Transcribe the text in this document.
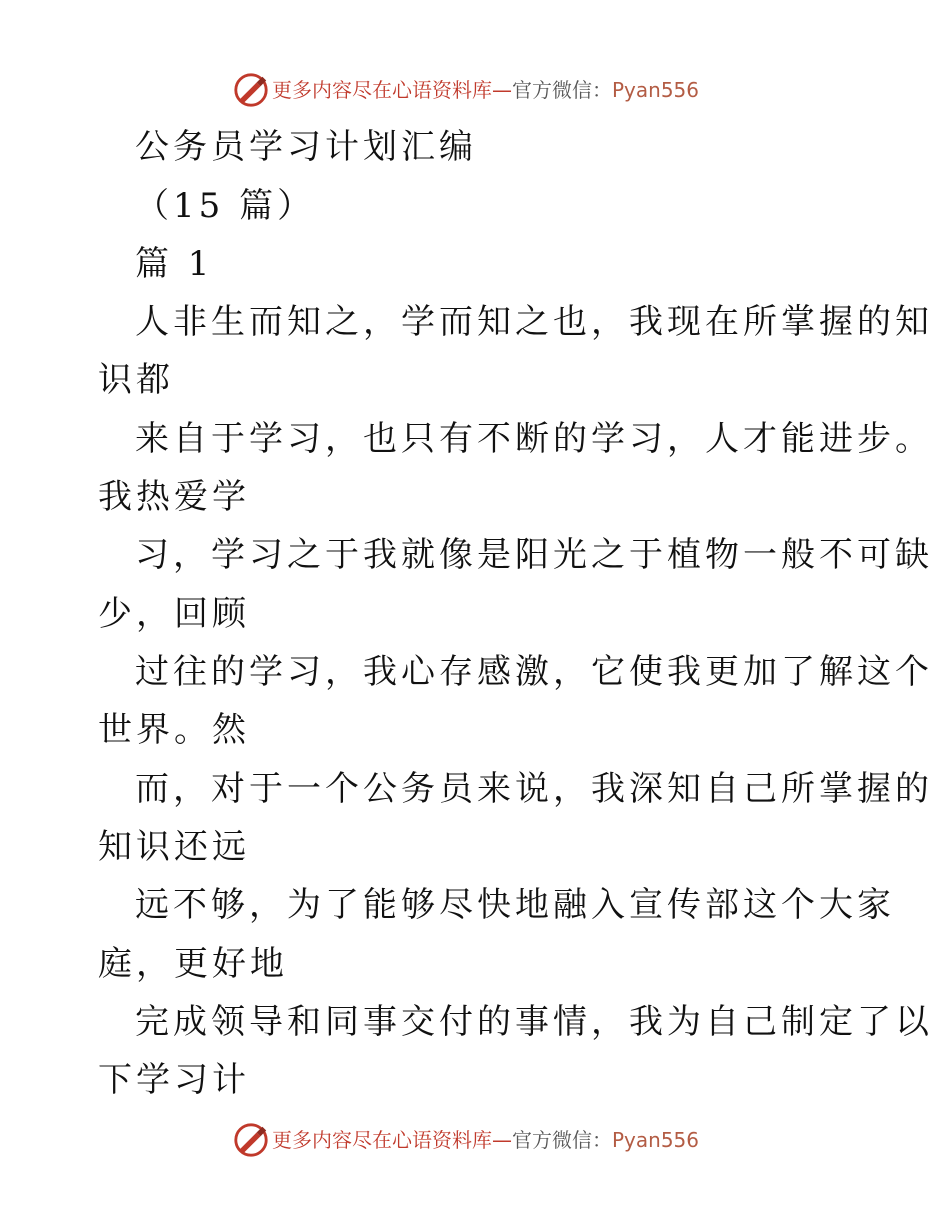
更多内容尽在心语资料库—官方微信：Pyan556
公务员学习计划汇编
（15 篇）
篇 1
人非生而知之，学而知之也，我现在所掌握的知
识都
来自于学习，也只有不断的学习，人才能进步。
我热爱学
习，学习之于我就像是阳光之于植物一般不可缺
少，回顾
过往的学习，我心存感激，它使我更加了解这个
世界。然
而，对于一个公务员来说，我深知自己所掌握的
知识还远
远不够，为了能够尽快地融入宣传部这个大家
庭，更好地
完成领导和同事交付的事情，我为自己制定了以
下学习计
更多内容尽在心语资料库—官方微信：Pyan556
